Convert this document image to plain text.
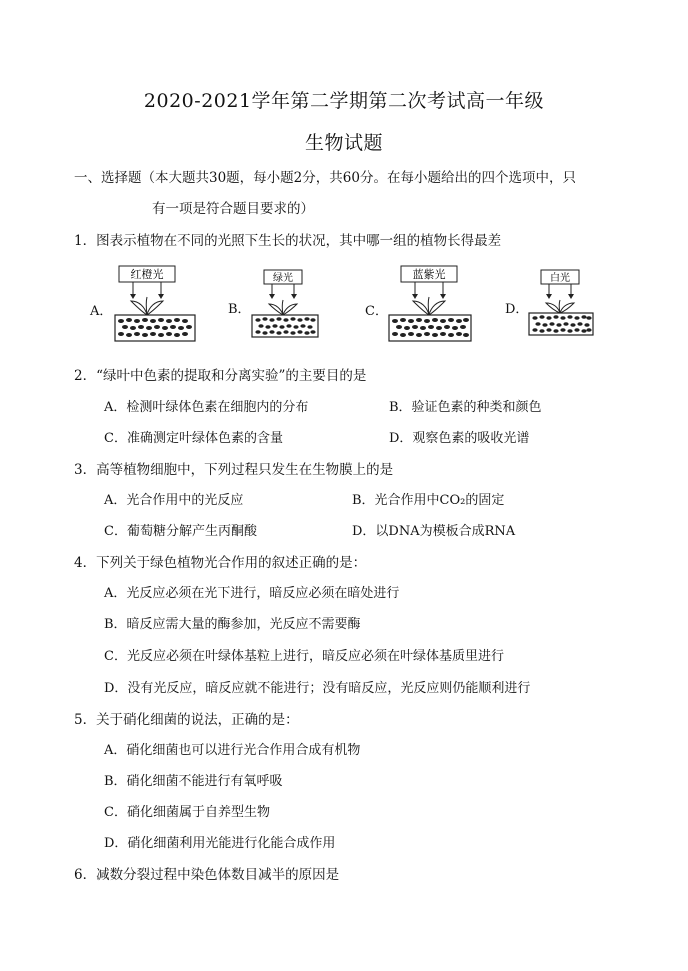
2020-2021学年第二学期第二次考试高一年级
生物试题
一、选择题（本大题共30题，每小题2分，共60分。在每小题给出的四个选项中，只
有一项是符合题目要求的）
1．图表示植物在不同的光照下生长的状况，其中哪一组的植物长得最差
A．
红橙光
B．
绿光
C．
蓝紫光
D．
白光
2．“绿叶中色素的提取和分离实验”的主要目的是
A．检测叶绿体色素在细胞内的分布	B．验证色素的种类和颜色
C．准确测定叶绿体色素的含量	D．观察色素的吸收光谱
3．高等植物细胞中，下列过程只发生在生物膜上的是
A．光合作用中的光反应	B．光合作用中CO₂的固定
C．葡萄糖分解产生丙酮酸	D．以DNA为模板合成RNA
4．下列关于绿色植物光合作用的叙述正确的是：
A．光反应必须在光下进行，暗反应必须在暗处进行
B．暗反应需大量的酶参加，光反应不需要酶
C．光反应必须在叶绿体基粒上进行，暗反应必须在叶绿体基质里进行
D．没有光反应，暗反应就不能进行；没有暗反应，光反应则仍能顺利进行
5．关于硝化细菌的说法，正确的是：
A．硝化细菌也可以进行光合作用合成有机物
B．硝化细菌不能进行有氧呼吸
C．硝化细菌属于自养型生物
D．硝化细菌利用光能进行化能合成作用
6．减数分裂过程中染色体数目减半的原因是
